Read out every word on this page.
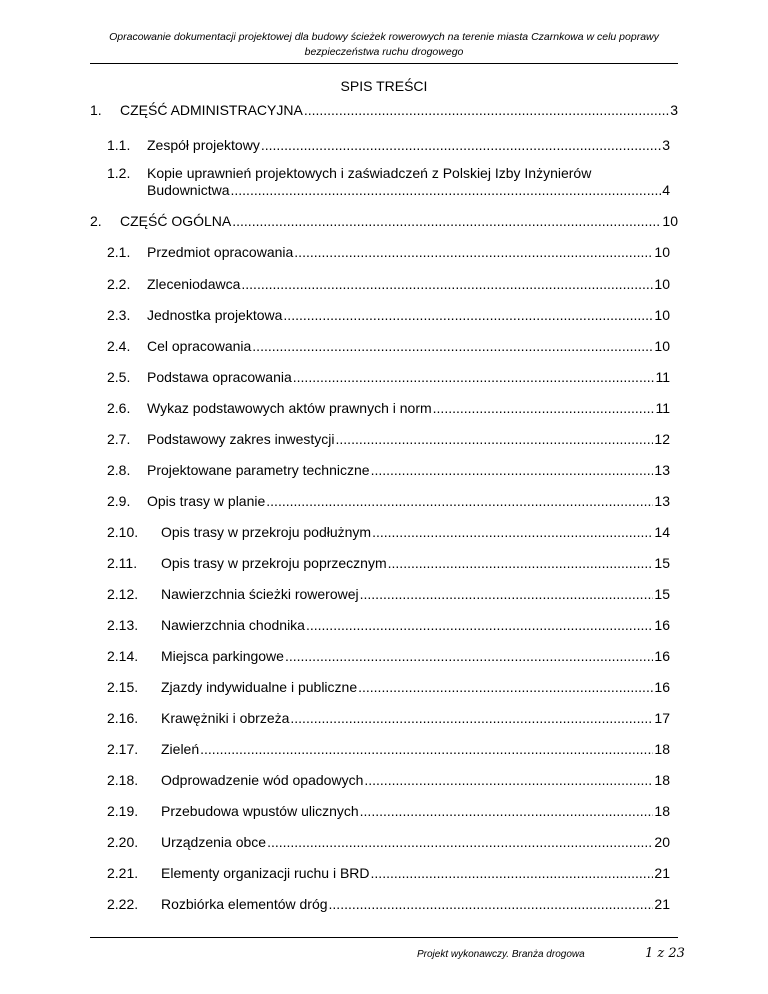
Opracowanie dokumentacji projektowej dla budowy ścieżek rowerowych na terenie miasta Czarnkowa w celu poprawy
bezpieczeństwa ruchu drogowego
SPIS TREŚCI
1. CZĘŚĆ ADMINISTRACYJNA .....	3
1.1. Zespół projektowy .....	3
1.2. Kopie uprawnień projektowych i zaświadczeń z Polskiej Izby Inżynierów
Budownictwa .....	4
2. CZĘŚĆ OGÓLNA .....	10
2.1. Przedmiot opracowania .....	10
2.2. Zleceniodawca .....	10
2.3. Jednostka projektowa .....	10
2.4. Cel opracowania .....	10
2.5. Podstawa opracowania .....	11
2.6. Wykaz podstawowych aktów prawnych i norm .....	11
2.7. Podstawowy zakres inwestycji .....	12
2.8. Projektowane parametry techniczne .....	13
2.9. Opis trasy w planie .....	13
2.10. Opis trasy w przekroju podłużnym .....	14
2.11. Opis trasy w przekroju poprzecznym .....	15
2.12. Nawierzchnia ścieżki rowerowej .....	15
2.13. Nawierzchnia chodnika .....	16
2.14. Miejsca parkingowe .....	16
2.15. Zjazdy indywidualne i publiczne .....	16
2.16. Krawężniki i obrzeża .....	17
2.17. Zieleń .....	18
2.18. Odprowadzenie wód opadowych .....	18
2.19. Przebudowa wpustów ulicznych .....	18
2.20. Urządzenia obce .....	20
2.21. Elementy organizacji ruchu i BRD .....	21
2.22. Rozbiórka elementów dróg .....	21
Projekt wykonawczy. Branża drogowa	1 z 23
